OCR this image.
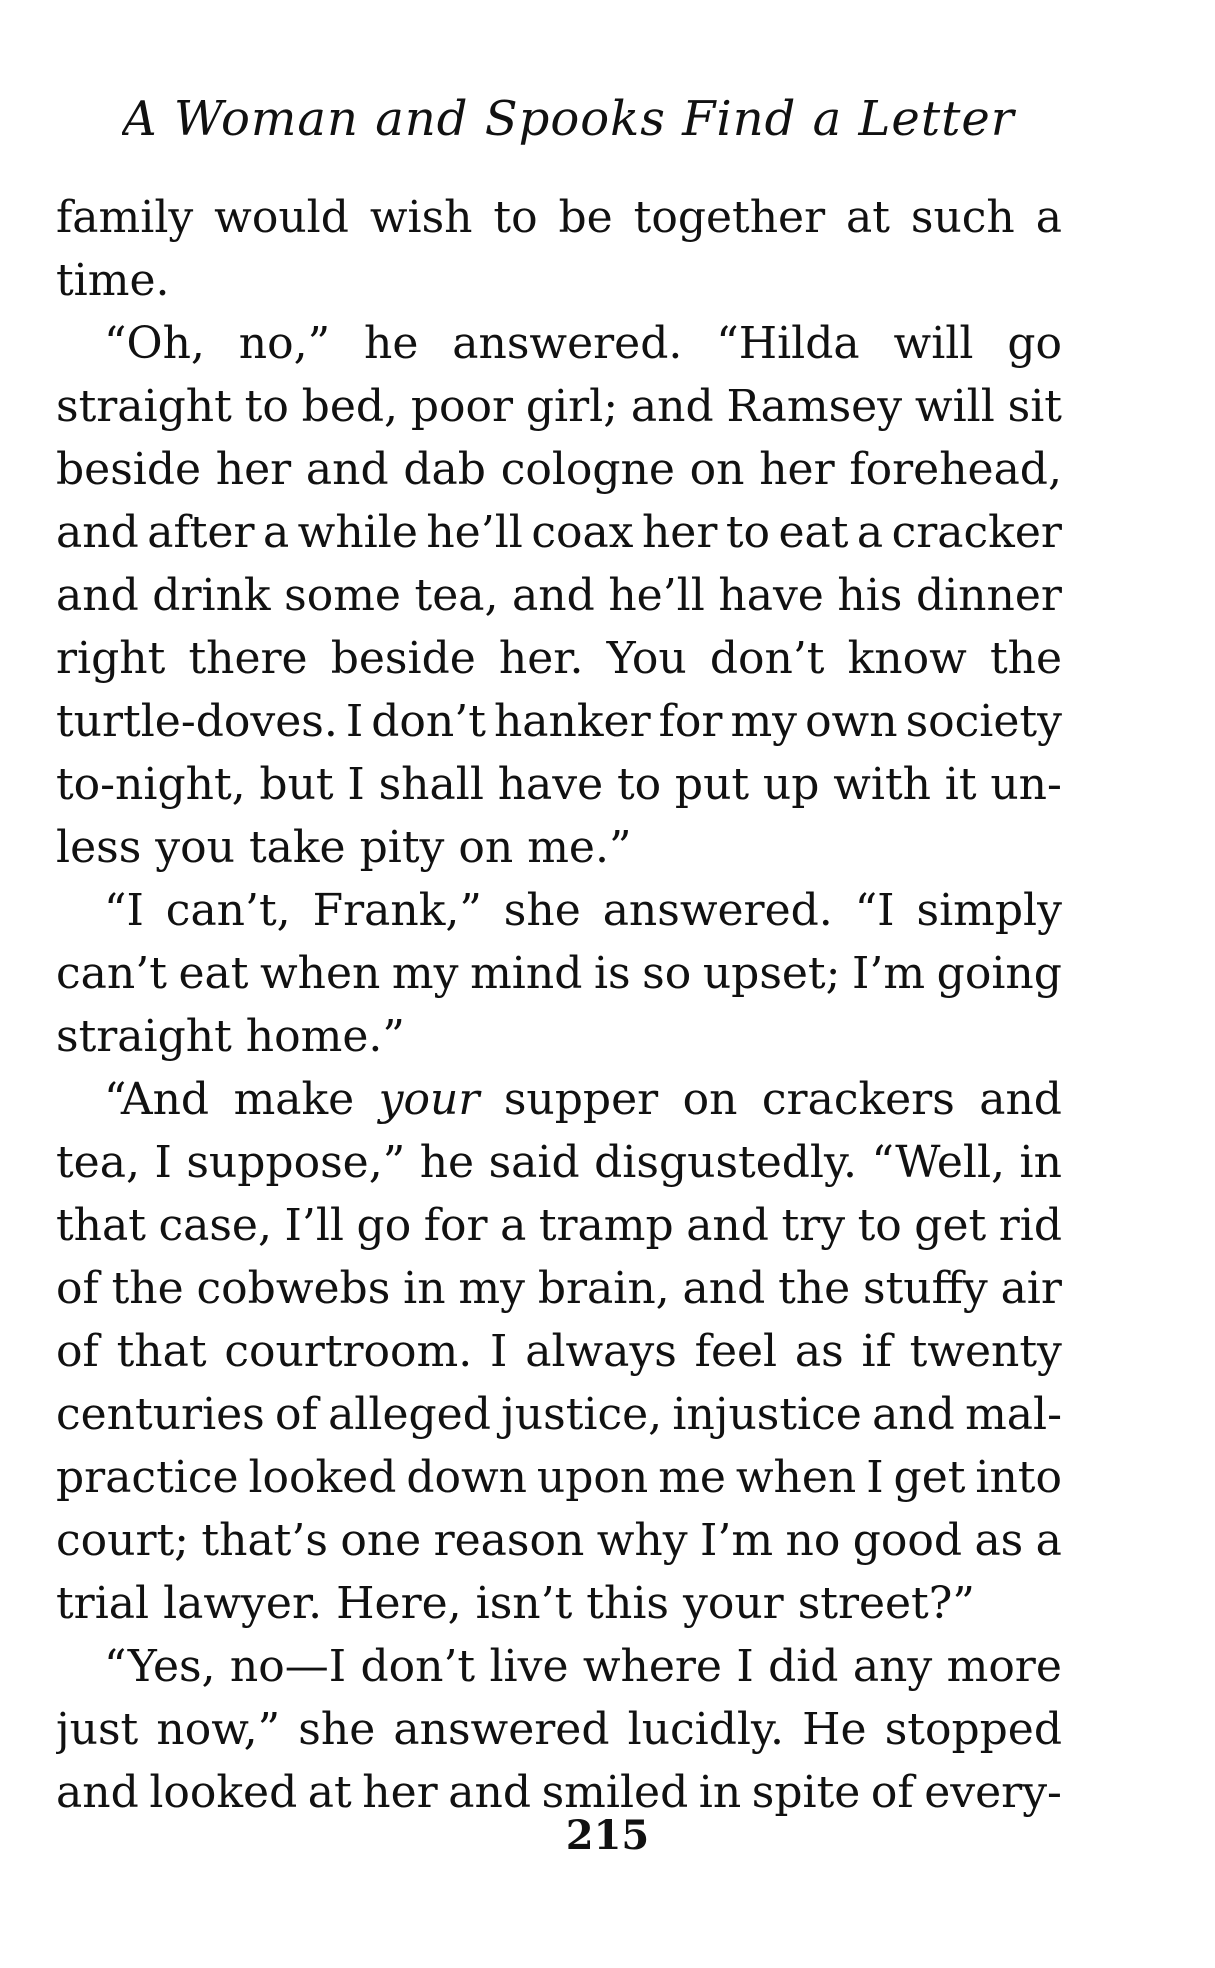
A Woman and Spooks Find a Letter
family would wish to be together at such a
time.
“Oh, no,” he answered. “Hilda will go
straight to bed, poor girl; and Ramsey will sit
beside her and dab cologne on her forehead,
and after a while he’ll coax her to eat a cracker
and drink some tea, and he’ll have his dinner
right there beside her. You don’t know the
turtle-doves. I don’t hanker for my own society
to-night, but I shall have to put up with it un-
less you take pity on me.”
“I can’t, Frank,” she answered. “I simply
can’t eat when my mind is so upset; I’m going
straight home.”
“And make your supper on crackers and
tea, I suppose,” he said disgustedly. “Well, in
that case, I’ll go for a tramp and try to get rid
of the cobwebs in my brain, and the stuffy air
of that courtroom. I always feel as if twenty
centuries of alleged justice, injustice and mal-
practice looked down upon me when I get into
court; that’s one reason why I’m no good as a
trial lawyer. Here, isn’t this your street?”
“Yes, no—I don’t live where I did any more
just now,” she answered lucidly. He stopped
and looked at her and smiled in spite of every-
215
